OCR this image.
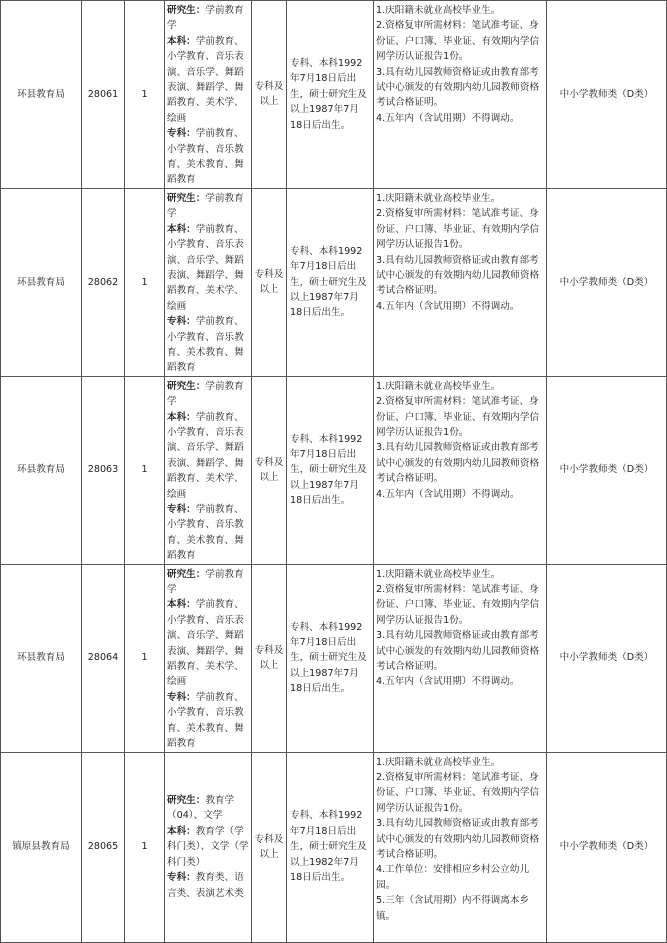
环县教育局	28061	1	研究生：学前教育学
本科：学前教育、小学教育、音乐表演、音乐学、舞蹈表演、舞蹈学、舞蹈教育、美术学、绘画
专科：学前教育、小学教育、音乐教育、美术教育、舞蹈教育	专科及以上	专科、本科1992年7月18日后出生，硕士研究生及以上1987年7月18日后出生。	1.庆阳籍未就业高校毕业生。
2.资格复审所需材料：笔试准考证、身份证、户口簿、毕业证、有效期内学信网学历认证报告1份。
3.具有幼儿园教师资格证或由教育部考试中心颁发的有效期内幼儿园教师资格考试合格证明。
4.五年内（含试用期）不得调动。	中小学教师类（D类）
环县教育局	28062	1	研究生：学前教育学
本科：学前教育、小学教育、音乐表演、音乐学、舞蹈表演、舞蹈学、舞蹈教育、美术学、绘画
专科：学前教育、小学教育、音乐教育、美术教育、舞蹈教育	专科及以上	专科、本科1992年7月18日后出生，硕士研究生及以上1987年7月18日后出生。	1.庆阳籍未就业高校毕业生。
2.资格复审所需材料：笔试准考证、身份证、户口簿、毕业证、有效期内学信网学历认证报告1份。
3.具有幼儿园教师资格证或由教育部考试中心颁发的有效期内幼儿园教师资格考试合格证明。
4.五年内（含试用期）不得调动。	中小学教师类（D类）
环县教育局	28063	1	研究生：学前教育学
本科：学前教育、小学教育、音乐表演、音乐学、舞蹈表演、舞蹈学、舞蹈教育、美术学、绘画
专科：学前教育、小学教育、音乐教育、美术教育、舞蹈教育	专科及以上	专科、本科1992年7月18日后出生，硕士研究生及以上1987年7月18日后出生。	1.庆阳籍未就业高校毕业生。
2.资格复审所需材料：笔试准考证、身份证、户口簿、毕业证、有效期内学信网学历认证报告1份。
3.具有幼儿园教师资格证或由教育部考试中心颁发的有效期内幼儿园教师资格考试合格证明。
4.五年内（含试用期）不得调动。	中小学教师类（D类）
环县教育局	28064	1	研究生：学前教育学
本科：学前教育、小学教育、音乐表演、音乐学、舞蹈表演、舞蹈学、舞蹈教育、美术学、绘画
专科：学前教育、小学教育、音乐教育、美术教育、舞蹈教育	专科及以上	专科、本科1992年7月18日后出生，硕士研究生及以上1987年7月18日后出生。	1.庆阳籍未就业高校毕业生。
2.资格复审所需材料：笔试准考证、身份证、户口簿、毕业证、有效期内学信网学历认证报告1份。
3.具有幼儿园教师资格证或由教育部考试中心颁发的有效期内幼儿园教师资格考试合格证明。
4.五年内（含试用期）不得调动。	中小学教师类（D类）
镇原县教育局	28065	1	研究生：教育学（04）、文学
本科：教育学（学科门类）、文学（学科门类）
专科：教育类、语言类、表演艺术类	专科及以上	专科、本科1992年7月18日后出生，硕士研究生及以上1982年7月18日后出生。	1.庆阳籍未就业高校毕业生。
2.资格复审所需材料：笔试准考证、身份证、户口簿、毕业证、有效期内学信网学历认证报告1份。
3.具有幼儿园教师资格证或由教育部考试中心颁发的有效期内幼儿园教师资格考试合格证明。
4.工作单位：安排相应乡村公立幼儿园。
5.三年（含试用期）内不得调离本乡镇。	中小学教师类（D类）
